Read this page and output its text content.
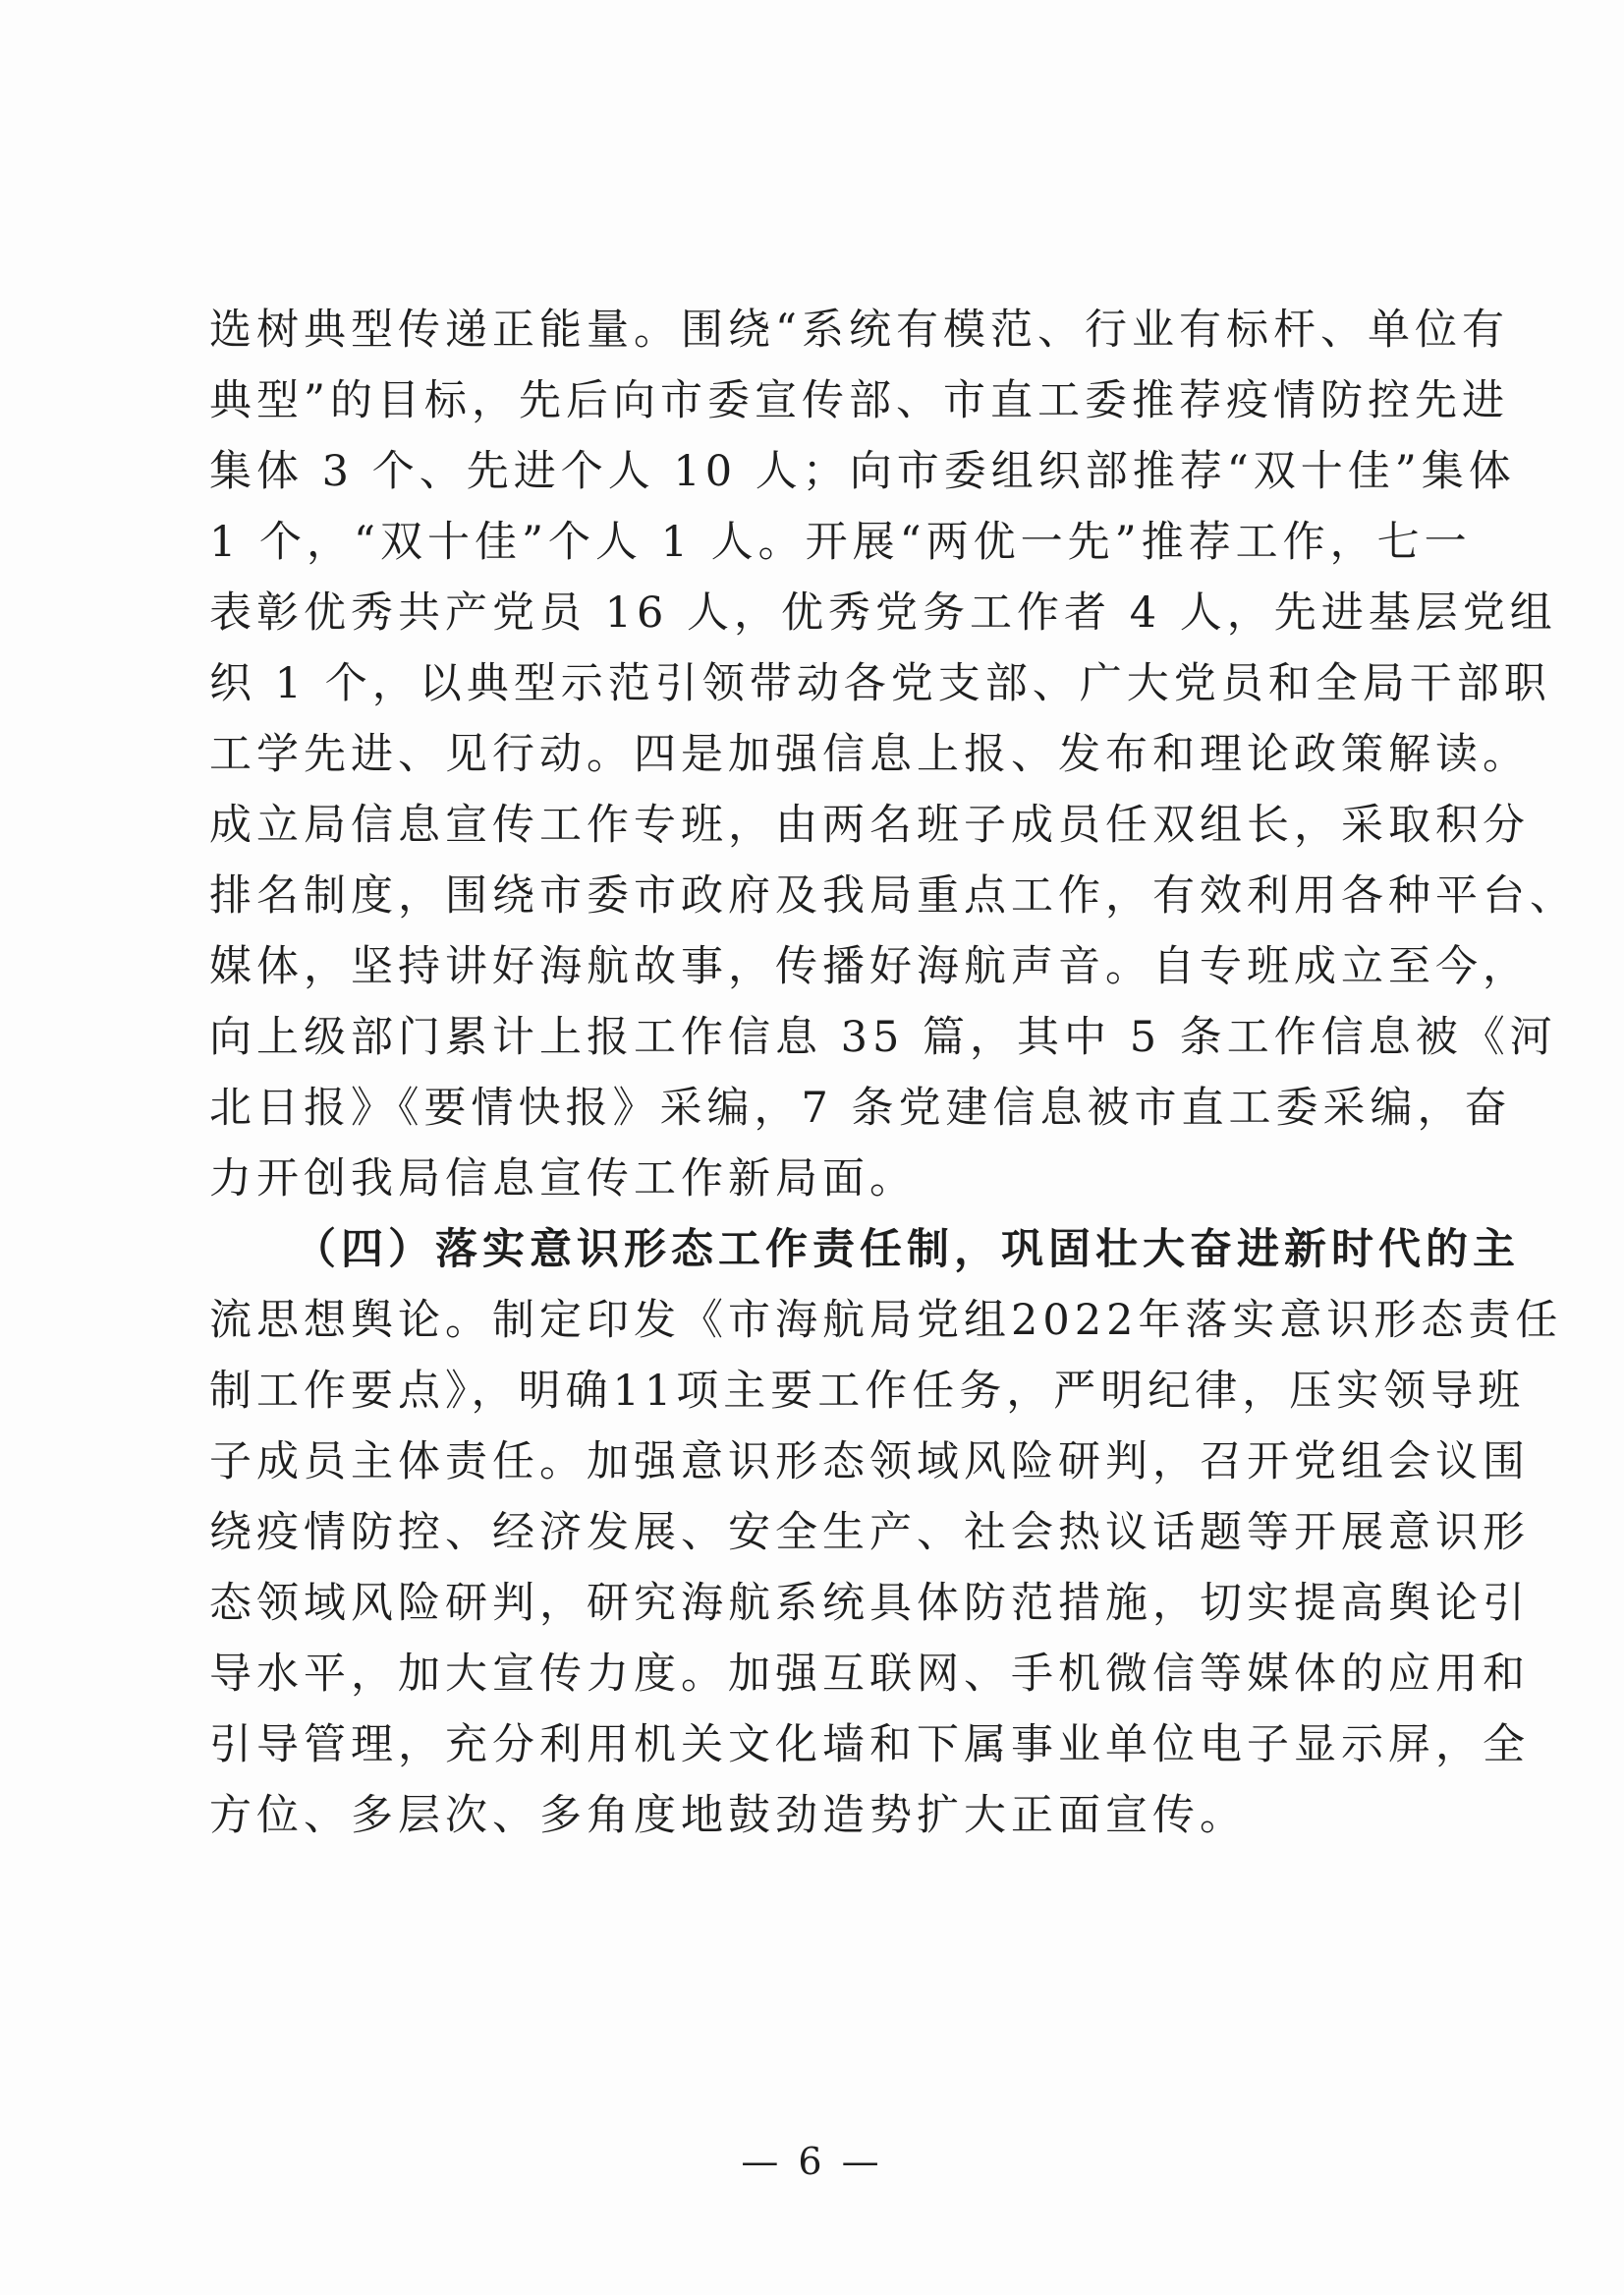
选树典型传递正能量。围绕“系统有模范、行业有标杆、单位有
典型”的目标，先后向市委宣传部、市直工委推荐疫情防控先进
集体 3 个、先进个人 10 人；向市委组织部推荐“双十佳”集体
1 个，“双十佳”个人 1 人。开展“两优一先”推荐工作，七一
表彰优秀共产党员 16 人，优秀党务工作者 4 人，先进基层党组
织 1 个，以典型示范引领带动各党支部、广大党员和全局干部职
工学先进、见行动。四是加强信息上报、发布和理论政策解读。
成立局信息宣传工作专班，由两名班子成员任双组长，采取积分
排名制度，围绕市委市政府及我局重点工作，有效利用各种平台、
媒体，坚持讲好海航故事，传播好海航声音。自专班成立至今，
向上级部门累计上报工作信息 35 篇，其中 5 条工作信息被《河
北日报》《要情快报》采编，7 条党建信息被市直工委采编，奋
力开创我局信息宣传工作新局面。
（四）落实意识形态工作责任制，巩固壮大奋进新时代的主
流思想舆论。制定印发《市海航局党组2022年落实意识形态责任
制工作要点》，明确11项主要工作任务，严明纪律，压实领导班
子成员主体责任。加强意识形态领域风险研判，召开党组会议围
绕疫情防控、经济发展、安全生产、社会热议话题等开展意识形
态领域风险研判，研究海航系统具体防范措施，切实提高舆论引
导水平，加大宣传力度。加强互联网、手机微信等媒体的应用和
引导管理，充分利用机关文化墙和下属事业单位电子显示屏，全
方位、多层次、多角度地鼓劲造势扩大正面宣传。
— 6 —
